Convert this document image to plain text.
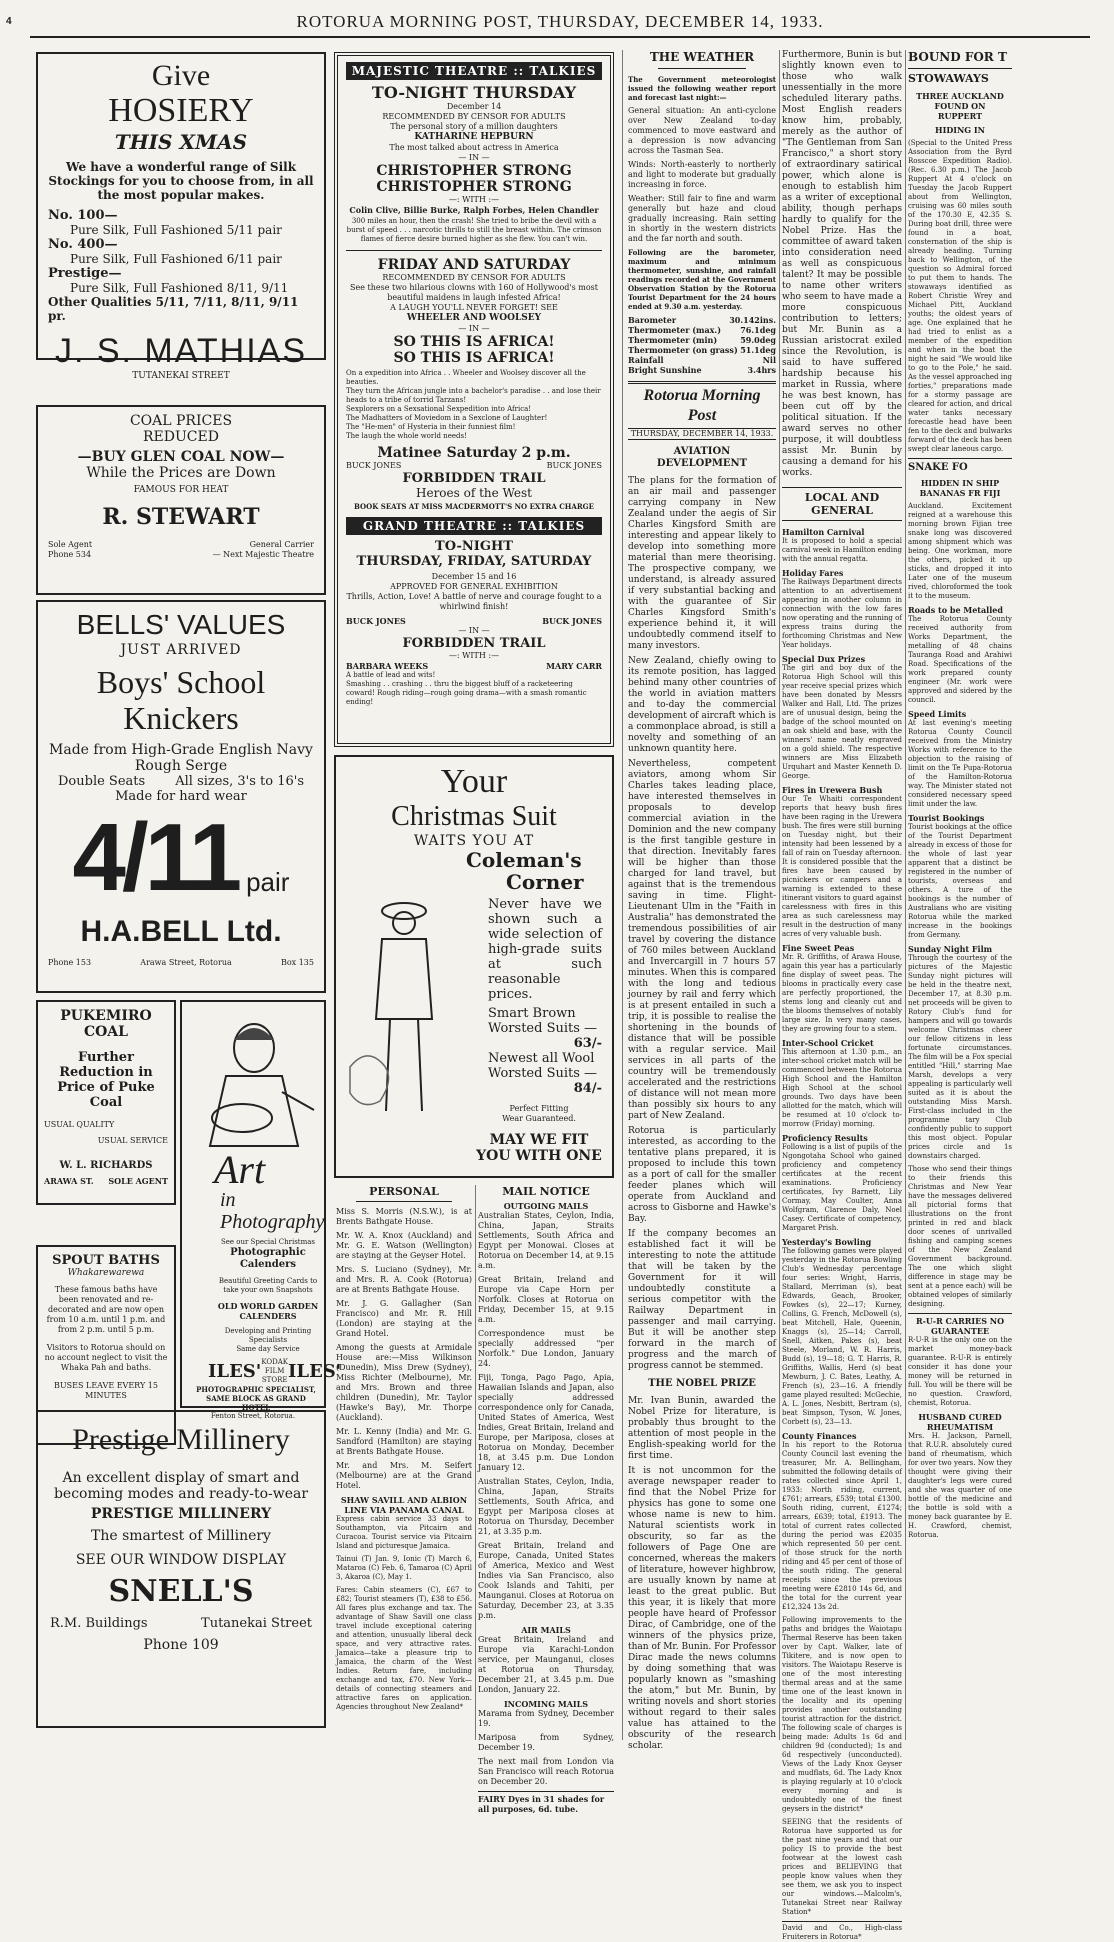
4	ROTORUA MORNING POST, THURSDAY, DECEMBER 14, 1933.
Give
HOSIERY
THIS XMAS
We have a wonderful range of Silk Stockings for you to choose from, in all the most popular makes.
No. 100—
Pure Silk, Full Fashioned 5/11 pair
No. 400—
Pure Silk, Full Fashioned 6/11 pair
Prestige—
Pure Silk, Full Fashioned 8/11, 9/11
Other Qualities 5/11, 7/11, 8/11, 9/11 pr.
J. S. MATHIAS
TUTANEKAI STREET
COAL PRICES
REDUCED
—BUY GLEN COAL NOW—
While the Prices are Down
FAMOUS FOR HEAT
R. STEWART
Sole Agent	General Carrier
Phone 534	— Next Majestic Theatre
BELLS' VALUES
JUST ARRIVED
Boys' School
Knickers
Made from High-Grade English Navy Rough Serge
Double Seats All sizes, 3's to 16's
Made for hard wear
4/11 pair
H.A.BELL Ltd.
Phone 153	Arawa Street, Rotorua	Box 135
PUKEMIRO
COAL
Further Reduction in Price of Puke Coal
USUAL QUALITY
USUAL SERVICE
W. L. RICHARDS
ARAWA ST. SOLE AGENT
SPOUT BATHS
Whakarewarewa
These famous baths have been renovated and re-decorated and are now open from 10 a.m. until 1 p.m. and from 2 p.m. until 5 p.m.
Visitors to Rotorua should on no account neglect to visit the Whaka Pah and baths.
BUSES LEAVE EVERY 15 MINUTES
Art
in
Photography
See our Special Christmas
Photographic Calenders
Beautiful Greeting Cards to take your own Snapshots
OLD WORLD GARDEN CALENDERS
Developing and Printing Specialists
Same day Service
ILES' KODAK FILM STORE ILES'
PHOTOGRAPHIC SPECIALIST, SAME BLOCK AS GRAND HOTEL
Fenton Street, Rotorua.
Prestige Millinery
An excellent display of smart and becoming modes and ready-to-wear
PRESTIGE MILLINERY
The smartest of Millinery
SEE OUR WINDOW DISPLAY
SNELL'S
R.M. Buildings	Tutanekai Street
Phone 109
MAJESTIC THEATRE :: TALKIES
TO-NIGHT THURSDAY
December 14
RECOMMENDED BY CENSOR FOR ADULTS
The personal story of a million daughters
KATHARINE HEPBURN
The most talked about actress in America
— IN —
CHRISTOPHER STRONG
CHRISTOPHER STRONG
—: WITH :—
Colin Clive, Billie Burke, Ralph Forbes, Helen Chandler
300 miles an hour, then the crash! She tried to bribe the devil with a burst of speed . . . narcotic thrills to still the breast within. The crimson flames of fierce desire burned higher as she flew. You can't win.
FRIDAY AND SATURDAY
RECOMMENDED BY CENSOR FOR ADULTS
See these two hilarious clowns with 160 of Hollywood's most beautiful maidens in laugh infested Africa!
A LAUGH YOU'LL NEVER FORGET! SEE
WHEELER AND WOOLSEY
— IN —
SO THIS IS AFRICA!
SO THIS IS AFRICA!
On a expedition into Africa . . Wheeler and Woolsey discover all the beauties.
They turn the African jungle into a bachelor's paradise . . and lose their heads to a tribe of torrid Tarzans!
Sexplorers on a Sexsational Sexpedition into Africa!
The Madhatters of Moviedom in a Sexclone of Laughter!
The "He-men" of Hysteria in their funniest film!
The laugh the whole world needs!
Matinee Saturday 2 p.m.
BUCK JONES	BUCK JONES
FORBIDDEN TRAIL
Heroes of the West
BOOK SEATS AT MISS MACDERMOTT'S NO EXTRA CHARGE
GRAND THEATRE :: TALKIES
TO-NIGHT
THURSDAY, FRIDAY, SATURDAY
December 15 and 16
APPROVED FOR GENERAL EXHIBITION
Thrills, Action, Love! A battle of nerve and courage fought to a whirlwind finish!
BUCK JONES	BUCK JONES
— IN —
FORBIDDEN TRAIL
—: WITH :—
BARBARA WEEKS	MARY CARR
A battle of lead and wits!
Smashing . . crashing . . thru the biggest bluff of a racketeering coward! Rough riding—rough going drama—with a smash romantic ending!
Your
Christmas Suit
WAITS YOU AT
Coleman's
Corner
Never have we shown such a wide selection of high-grade suits at such reasonable prices.
Smart Brown Worsted Suits —
63/-
Newest all Wool Worsted Suits —
84/-
Perfect Fitting
Wear Guaranteed.
MAY WE FIT
YOU WITH ONE
PERSONAL

Miss S. Morris (N.S.W.), is at Brents Bathgate House.

Mr. W. A. Knox (Auckland) and Mr. G. E. Watson (Wellington) are staying at the Geyser Hotel.

Mrs. S. Luciano (Sydney), Mr. and Mrs. R. A. Cook (Rotorua) are at Brents Bathgate House.

Mr. J. G. Gallagher (San Francisco) and Mr. R. Hill (London) are staying at the Grand Hotel.

Among the guests at Armidale House are:—Miss Wilkinson (Dunedin), Miss Drew (Sydney), Miss Richter (Melbourne), Mr. and Mrs. Brown and three children (Dunedin), Mr. Taylor (Hawke's Bay), Mr. Thorpe (Auckland).

Mr. L. Kenny (India) and Mr. G. Sandford (Hamilton) are staying at Brents Bathgate House.

Mr. and Mrs. M. Seifert (Melbourne) are at the Grand Hotel.

SHAW SAVILL AND ALBION LINE VIA PANAMA CANAL

Express cabin service 33 days to Southampton, via Pitcairn and Curacoa. Tourist service via Pitcairn Island and picturesque Jamaica.

Tainui (T) Jan. 9, Ionic (T) March 6, Mataroa (C) Feb. 6, Tamaroa (C) April 3, Akaroa (C), May 1.

Fares: Cabin steamers (C), £67 to £82; Tourist steamers (T), £38 to £56. All fares plus exchange and tax. The advantage of Shaw Savill one class travel include exceptional catering and attention, unusually liberal deck space, and very attractive rates. Jamaica—take a pleasure trip to Jamaica, the charm of the West Indies. Return fare, including exchange and tax, £70. New York—details of connecting steamers and attractive fares on application. Agencies throughout New Zealand*

MAIL NOTICE
OUTGOING MAILS

Australian States, Ceylon, India, China, Japan, Straits Settlements, South Africa and Egypt per Monowai. Closes at Rotorua on December 14, at 9.15 a.m.

Great Britain, Ireland and Europe via Cape Horn per Norfolk. Closes at Rotorua on Friday, December 15, at 9.15 a.m.

Correspondence must be specially addressed "per Norfolk." Due London, January 24.

Fiji, Tonga, Pago Pago, Apia, Hawaiian Islands and Japan, also specially addressed correspondence only for Canada, United States of America, West Indies, Great Britain, Ireland and Europe, per Mariposa, closes at Rotorua on Monday, December 18, at 3.45 p.m. Due London January 12.

Australian States, Ceylon, India, China, Japan, Straits Settlements, South Africa, and Egypt per Mariposa closes at Rotorua on Thursday, December 21, at 3.35 p.m.

Great Britain, Ireland and Europe, Canada, United States of America, Mexico and West Indies via San Francisco, also Cook Islands and Tahiti, per Maunganui. Closes at Rotorua on Saturday, December 23, at 3.35 p.m.

AIR MAILS

Great Britain, Ireland and Europe via Karachi-London service, per Maunganui, closes at Rotorua on Thursday, December 21, at 3.45 p.m. Due London, January 22.

INCOMING MAILS

Marama from Sydney, December 19.

Mariposa from Sydney, December 19.

The next mail from London via San Francisco will reach Rotorua on December 20.

FAIRY Dyes in 31 shades for all purposes, 6d. tube.
THE WEATHER
The Government meteorologist issued the following weather report and forecast last night:—

General situation: An anti-cyclone over New Zealand to-day commenced to move eastward and a depression is now advancing across the Tasman Sea.

Winds: North-easterly to northerly and light to moderate but gradually increasing in force.

Weather: Still fair to fine and warm generally but haze and cloud gradually increasing. Rain setting in shortly in the western districts and the far north and south.

Following are the barometer, maximum and minimum thermometer, sunshine, and rainfall readings recorded at the Government Observation Station by the Rotorua Tourist Department for the 24 hours ended at 9.30 a.m. yesterday.

Barometer	30.142ins.
Thermometer (max.) 76.1deg
Thermometer (min)	59.0deg
Thermometer (on grass) 51.1deg
Rainfall	Nil
Bright Sunshine	3.4hrs
Rotorua Morning Post
THURSDAY, DECEMBER 14, 1933.
AVIATION DEVELOPMENT

The plans for the formation of an air mail and passenger carrying company in New Zealand under the aegis of Sir Charles Kingsford Smith are interesting and appear likely to develop into something more material than mere theorising. The prospective company, we understand, is already assured if very substantial backing and with the guarantee of Sir Charles Kingsford Smith's experience behind it, it will undoubtedly commend itself to many investors.

New Zealand, chiefly owing to its remote position, has lagged behind many other countries of the world in aviation matters and to-day the commercial development of aircraft which is a commonplace abroad, is still a novelty and something of an unknown quantity here.

Nevertheless, competent aviators, among whom Sir Charles takes leading place, have interested themselves in proposals to develop commercial aviation in the Dominion and the new company is the first tangible gesture in that direction. Inevitably fares will be higher than those charged for land travel, but against that is the tremendous saving in time. Flight-Lieutenant Ulm in the "Faith in Australia" has demonstrated the tremendous possibilities of air travel by covering the distance of 760 miles between Auckland and Invercargill in 7 hours 57 minutes. When this is compared with the long and tedious journey by rail and ferry which is at present entailed in such a trip, it is possible to realise the shortening in the bounds of distance that will be possible with a regular service. Mail services in all parts of the country will be tremendously accelerated and the restrictions of distance will not mean more than possibly six hours to any part of New Zealand.

Rotorua is particularly interested, as according to the tentative plans prepared, it is proposed to include this town as a port of call for the smaller feeder planes which will operate from Auckland and across to Gisborne and Hawke's Bay.

If the company becomes an established fact it will be interesting to note the attitude that will be taken by the Government for it will undoubtedly constitute a serious competitor with the Railway Department in passenger and mail carrying. But it will be another step forward in the march of progress and the march of progress cannot be stemmed.

THE NOBEL PRIZE

Mr. Ivan Bunin, awarded the Nobel Prize for literature, is probably thus brought to the attention of most people in the English-speaking world for the first time.

It is not uncommon for the average newspaper reader to find that the Nobel Prize for physics has gone to some one whose name is new to him. Natural scientists work in obscurity, so far as the followers of Page One are concerned, whereas the makers of literature, however highbrow, are usually known by name at least to the great public. But this year, it is likely that more people have heard of Professor Dirac, of Cambridge, one of the winners of the physics prize, than of Mr. Bunin. For Professor Dirac made the news columns by doing something that was popularly known as "smashing the atom," but Mr. Bunin, by writing novels and short stories without regard to their sales value has attained to the obscurity of the research scholar.

Furthermore, Bunin is but slightly known even to those who walk unessentially in the more scheduled literary paths. Most English readers know him, probably, merely as the author of "The Gentleman from San Francisco," a short story of extraordinary satirical power, which alone is enough to establish him as a writer of exceptional ability, though perhaps hardly to qualify for the Nobel Prize. Has the committee of award taken into consideration need as well as conspicuous talent? It may be possible to name other writers who seem to have made a more conspicuous contribution to letters; but Mr. Bunin as a Russian aristocrat exiled since the Revolution, is said to have suffered hardship because his market in Russia, where he was best known, has been cut off by the political situation. If the award serves no other purpose, it will doubtless assist Mr. Bunin by causing a demand for his works.

LOCAL AND GENERAL
Hamilton Carnival

It is proposed to hold a special carnival week in Hamilton ending with the annual regatta.

Holiday Fares

The Railways Department directs attention to an advertisement appearing in another column in connection with the low fares now operating and the running of express trains during the forthcoming Christmas and New Year holidays.

Special Dux Prizes

The girl and boy dux of the Rotorua High School will this year receive special prizes which have been donated by Messrs Walker and Hall, Ltd. The prizes are of unusual design, being the badge of the school mounted on an oak shield and base, with the winners' name neatly engraved on a gold shield. The respective winners are Miss Elizabeth Urquhart and Master Kenneth D. George.

Fires in Urewera Bush

Our Te Whaiti correspondent reports that heavy bush fires have been raging in the Urewera bush. The fires were still burning on Tuesday night, but their intensity had been lessened by a fall of rain on Tuesday afternoon. It is considered possible that the fires have been caused by picnickers or campers and a warning is extended to these itinerant visitors to guard against carelessness with fires in this area as such carelessness may result in the destruction of many acres of very valuable bush.

Fine Sweet Peas

Mr. R. Griffiths, of Arawa House, again this year has a particularly fine display of sweet peas. The blooms in practically every case are perfectly proportioned, the stems long and cleanly cut and the blooms themselves of notably large size. In very many cases, they are growing four to a stem.

Inter-School Cricket

This afternoon at 1.30 p.m., an inter-school cricket match will be commenced between the Rotorua High School and the Hamilton High School at the school grounds. Two days have been allotted for the match, which will be resumed at 10 o'clock to-morrow (Friday) morning.

Proficiency Results

Following is a list of pupils of the Ngongotaha School who gained proficiency and competency certificates at the recent examinations. Proficiency certificates, Ivy Barnett, Lily Cormay, May Coulter, Anna Wolfgram, Clarence Daly, Noel Casey. Certificate of competency, Margaret Prish.

Yesterday's Bowling

The following games were played yesterday in the Rotorua Bowling Club's Wednesday percentage four series: Wright, Harris, Stallard, Merriman (s), beat Edwards, Geach, Brooker, Fowkes (s), 22—17; Kurney, Collins, G. French, McDowell (s), beat Mitchell, Hale, Queenin, Knaggs (s), 25—14; Carroll, Snell, Aitken, Pakes (s), beat Steele, Morland, W. R. Harris, Budd (s), 19—18; G. T. Harris, R. Griffiths, Wallis, Herd (s) beat Mewburn, J. C. Bates, Leathy, A. French (s), 23—16. A friendly game played resulted: McGechie, A. L. Jones, Nesbitt, Bertram (s), beat Simpson, Tyson, W. Jones, Corbett (s), 23—13.

County Finances

In his report to the Rotorua County Council last evening the treasurer, Mr. A. Bellingham, submitted the following details of rates collected since April 1, 1933: North riding, current, £761; arrears, £539; total £1300. South riding, current, £1274; arrears, £639; total, £1913. The total of current rates collected during the period was £2035 which represented 50 per cent. of those struck for the north riding and 45 per cent of those of the south riding. The general receipts since the previous meeting were £2810 14s 6d, and the total for the current year £12,324 13s 2d.

Following improvements to the paths and bridges the Waiotapu Thermal Reserve has been taken over by Capt. Walker, late of Tikitere, and is now open to visitors. The Waiotapu Reserve is one of the most interesting thermal areas and at the same time one of the least known in the locality and its opening provides another outstanding tourist attraction for the district. The following scale of charges is being made: Adults 1s 6d and children 9d (conducted); 1s and 6d respectively (unconducted). Views of the Lady Knox Geyser and mudflats, 6d. The Lady Knox is playing regularly at 10 o'clock every morning and is undoubtedly one of the finest geysers in the district*

SEEING that the residents of Rotorua have supported us for the past nine years and that our policy IS to provide the best footwear at the lowest cash prices and BELIEVING that people know values when they see them, we ask you to inspect our windows.—Malcolm's, Tutanekai Street near Railway Station*

David and Co., High-class Fruiterers in Rotorua*

BOUND FOR T
STOWAWAYS
THREE AUCKLAND
FOUND ON
RUPPERT
HIDING IN

(Special to the United Press Association from the Byrd Rosscoe Expedition Radio). (Rec. 6.30 p.m.) The Jacob Ruppert At 4 o'clock on Tuesday the Jacob Ruppert about from Wellington, cruising was 60 miles south of the 170.30 E, 42.35 S. During boat drill, three were found in a boat, consternation of the ship is already heading. Turning back to Wellington, of the question so Admiral forced to put them to hands. The stowaways identified as Robert Christie Wrey and Michael Pitt, Auckland youths; the oldest years of age. One explained that he had tried to enlist as a member of the expedition and when in the boat the night he said "We would like to go to the Pole," he said. As the vessel approached ing forties," preparations made for a stormy passage are cleared for action, and drical water tanks necessary forecastle head have been fen to the deck and bulwarks forward of the deck has been swept clear laneous cargo.

SNAKE FO
HIDDEN IN SHIP BANANAS FR FIJI

Auckland. Excitement reigned at a warehouse this morning brown Fijian tree snake long was discovered among shipment which was being. One workman, more the others, picked it up sticks, and dropped it into Later one of the museum rived, chloroformed the took it to the museum.

Roads to be Metalled

The Rotorua County received authority from Works Department, the metalling of 48 chains Tauranga Road and Arahiwi Road. Specifications of the work prepared county engineer (Mr. work were approved and sidered by the council.

Speed Limits

At last evening's meeting Rotorua County Council received from the Ministry Works with reference to the objection to the raising of limit on the Te Pupa-Rotorua of the Hamilton-Rotorua way. The Minister stated not considered necessary speed limit under the law.

Tourist Bookings

Tourist bookings at the office of the Tourist Department already in excess of those for the whole of last year apparent that a distinct be registered in the number of tourists, overseas and others. A ture of the bookings is the number of Australians who are visiting Rotorua while the marked increase in the bookings from Germany.

Sunday Night Film

Through the courtesy of the pictures of the Majestic Sunday night pictures will be held in the theatre next, December 17, at 8.30 p.m. net proceeds will be given to Rotory Club's fund for hampers and will go towards welcome Christmas cheer our fellow citizens in less fortunate circumstances. The film will be a Fox special entitled "Hill," starring Mae Marsh, develops a very appealing is particularly well suited as it is about the outstanding Miss Marsh. First-class included in the programme tary Club confidently public to support this most object. Popular prices circle and 1s downstairs charged.

Those who send their things to their friends this Christmas and New Year have the messages delivered all pictorial forms that illustrations on the front printed in red and black door scenes of unrivalled fishing and camping scenes of the New Zealand Government background. The one which slight difference in stage may be sent at a pence each) will be obtained velopes of similarly designing.

R-U-R CARRIES NO GUARANTEE

R-U-R is the only one on the market money-back guarantee. R-U-R is entirely consider it has done your money will be returned in full. You will be there will be no question. Crawford, chemist, Rotorua.

HUSBAND CURED RHEUMATISM

Mrs. H. Jackson, Parnell, that R.U.R. absolutely cured band of rheumatism, which for over two years. Now they thought were giving their daughter's legs were cured and she was quarter of one bottle of the medicine and the bottle is sold with a money back guarantee by E. H. Crawford, chemist, Rotorua.
